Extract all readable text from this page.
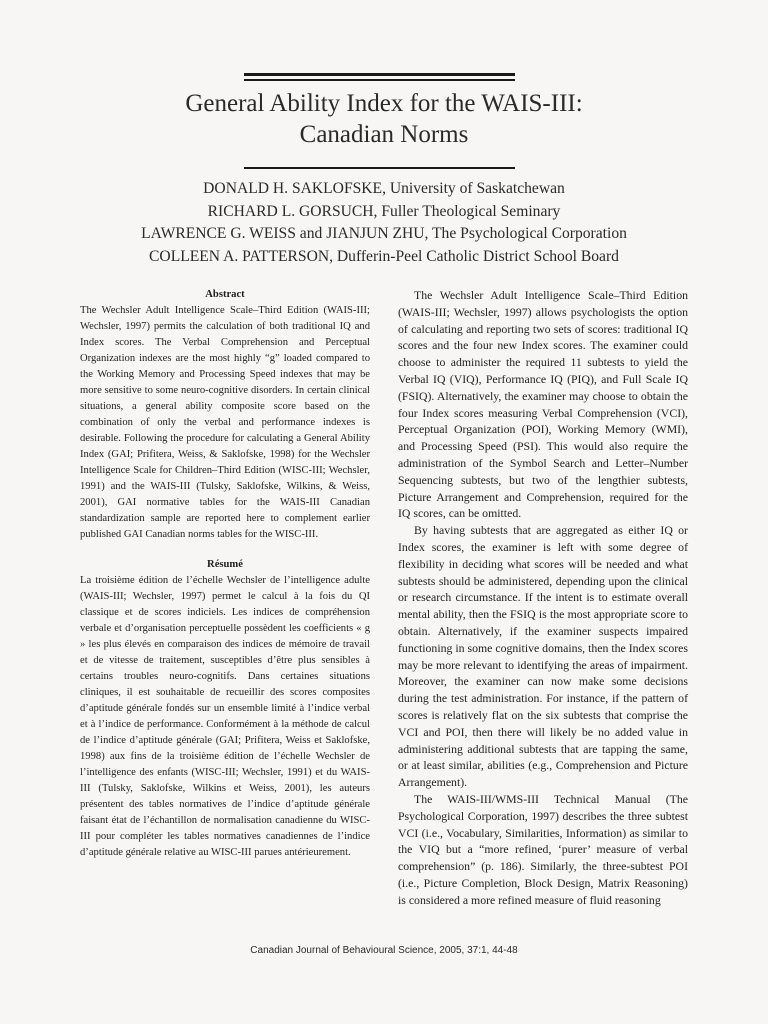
General Ability Index for the WAIS-III:
Canadian Norms
DONALD H. SAKLOFSKE, University of Saskatchewan
RICHARD L. GORSUCH, Fuller Theological Seminary
LAWRENCE G. WEISS and JIANJUN ZHU, The Psychological Corporation
COLLEEN A. PATTERSON, Dufferin-Peel Catholic District School Board

Abstract

The Wechsler Adult Intelligence Scale–Third Edition (WAIS-III; Wechsler, 1997) permits the calculation of both traditional IQ and Index scores. The Verbal Comprehension and Perceptual Organization indexes are the most highly “g” loaded compared to the Working Memory and Processing Speed indexes that may be more sensitive to some neuro-cognitive disorders. In certain clinical situations, a general ability composite score based on the combination of only the verbal and performance indexes is desirable. Following the procedure for calculating a General Ability Index (GAI; Prifitera, Weiss, & Saklofske, 1998) for the Wechsler Intelligence Scale for Children–Third Edition (WISC-III; Wechsler, 1991) and the WAIS-III (Tulsky, Saklofske, Wilkins, & Weiss, 2001), GAI normative tables for the WAIS-III Canadian standardization sample are reported here to complement earlier published GAI Canadian norms tables for the WISC-III.

Résumé

La troisième édition de l’échelle Wechsler de l’intelligence adulte (WAIS-III; Wechsler, 1997) permet le calcul à la fois du QI classique et de scores indiciels. Les indices de compréhension verbale et d’organisation perceptuelle possèdent les coefficients « g » les plus élevés en comparaison des indices de mémoire de travail et de vitesse de traitement, susceptibles d’être plus sensibles à certains troubles neuro-cognitifs. Dans certaines situations cliniques, il est souhaitable de recueillir des scores composites d’aptitude générale fondés sur un ensemble limité à l’indice verbal et à l’indice de performance. Conformément à la méthode de calcul de l’indice d’aptitude générale (GAI; Prifitera, Weiss et Saklofske, 1998) aux fins de la troisième édition de l’échelle Wechsler de l’intelligence des enfants (WISC-III; Wechsler, 1991) et du WAIS-III (Tulsky, Saklofske, Wilkins et Weiss, 2001), les auteurs présentent des tables normatives de l’indice d’aptitude générale faisant état de l’échantillon de normalisation canadienne du WISC-III pour compléter les tables normatives canadiennes de l’indice d’aptitude générale relative au WISC-III parues antérieurement.

The Wechsler Adult Intelligence Scale–Third Edition (WAIS-III; Wechsler, 1997) allows psychologists the option of calculating and reporting two sets of scores: traditional IQ scores and the four new Index scores. The examiner could choose to administer the required 11 subtests to yield the Verbal IQ (VIQ), Performance IQ (PIQ), and Full Scale IQ (FSIQ). Alternatively, the examiner may choose to obtain the four Index scores measuring Verbal Comprehension (VCI), Perceptual Organization (POI), Working Memory (WMI), and Processing Speed (PSI). This would also require the administration of the Symbol Search and Letter–Number Sequencing subtests, but two of the lengthier subtests, Picture Arrangement and Comprehension, required for the IQ scores, can be omitted.

By having subtests that are aggregated as either IQ or Index scores, the examiner is left with some degree of flexibility in deciding what scores will be needed and what subtests should be administered, depending upon the clinical or research circumstance. If the intent is to estimate overall mental ability, then the FSIQ is the most appropriate score to obtain. Alternatively, if the examiner suspects impaired functioning in some cognitive domains, then the Index scores may be more relevant to identifying the areas of impairment. Moreover, the examiner can now make some decisions during the test administration. For instance, if the pattern of scores is relatively flat on the six subtests that comprise the VCI and POI, then there will likely be no added value in administering additional subtests that are tapping the same, or at least similar, abilities (e.g., Comprehension and Picture Arrangement).

The WAIS-III/WMS-III Technical Manual (The Psychological Corporation, 1997) describes the three subtest VCI (i.e., Vocabulary, Similarities, Information) as similar to the VIQ but a “more refined, ‘purer’ measure of verbal comprehension” (p. 186). Similarly, the three-subtest POI (i.e., Picture Completion, Block Design, Matrix Reasoning) is considered a more refined measure of fluid reasoning

Canadian Journal of Behavioural Science, 2005, 37:1, 44-48
